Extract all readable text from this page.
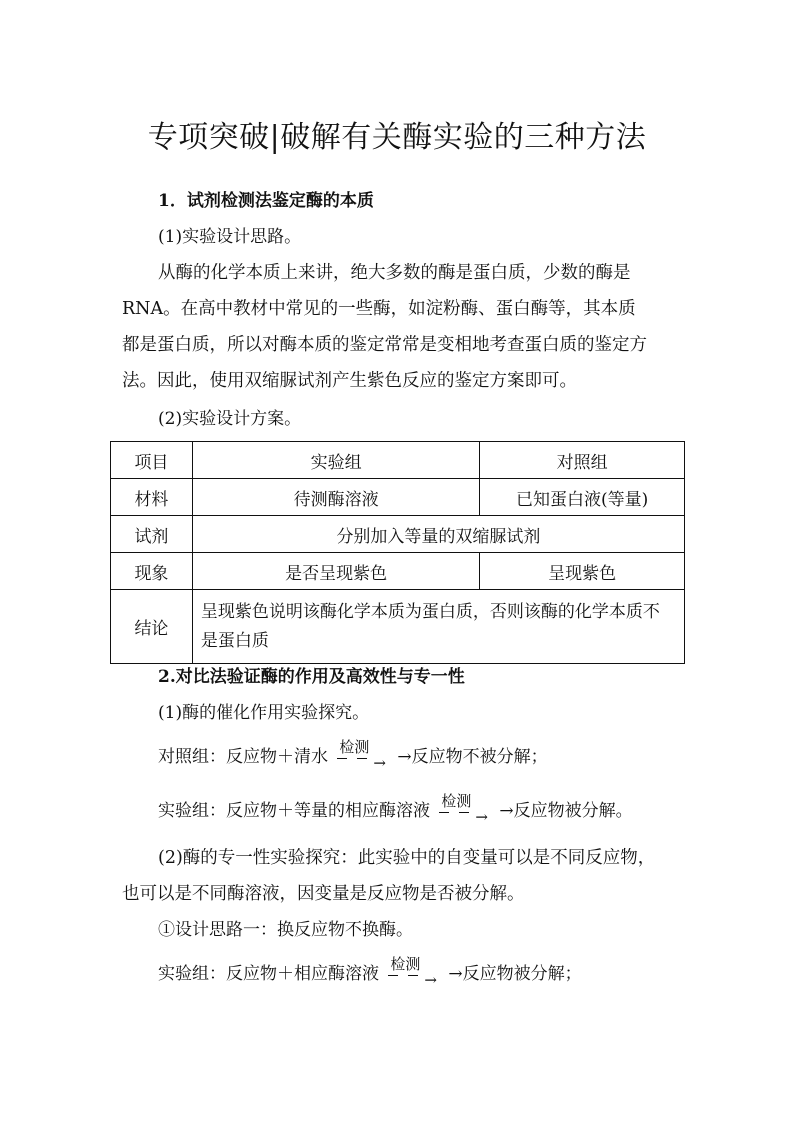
专项突破|破解有关酶实验的三种方法
1．试剂检测法鉴定酶的本质
(1)实验设计思路。
从酶的化学本质上来讲，绝大多数的酶是蛋白质，少数的酶是
RNA。在高中教材中常见的一些酶，如淀粉酶、蛋白酶等，其本质
都是蛋白质，所以对酶本质的鉴定常常是变相地考查蛋白质的鉴定方
法。因此，使用双缩脲试剂产生紫色反应的鉴定方案即可。
(2)实验设计方案。
项目	实验组	对照组
材料	待测酶溶液	已知蛋白液(等量)
试剂	分别加入等量的双缩脲试剂	
现象	是否呈现紫色	呈现紫色
结论	呈现紫色说明该酶化学本质为蛋白质，否则该酶的化学本质不是蛋白质	
2.对比法验证酶的作用及高效性与专一性
(1)酶的催化作用实验探究。
对照组：反应物＋清水
检测
→ →反应物不被分解；
实验组：反应物＋等量的相应酶溶液
检测
→ →反应物被分解。
(2)酶的专一性实验探究：此实验中的自变量可以是不同反应物，
也可以是不同酶溶液，因变量是反应物是否被分解。
①设计思路一：换反应物不换酶。
实验组：反应物＋相应酶溶液
检测
→ →反应物被分解；
